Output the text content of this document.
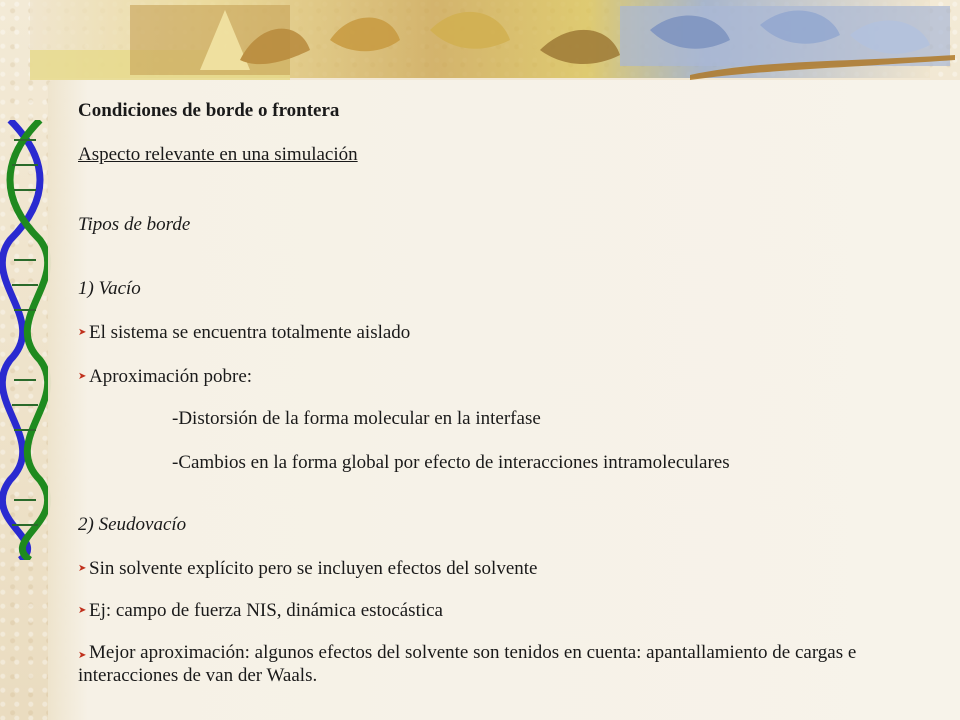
Condiciones de borde o frontera
Aspecto relevante en una simulación
Tipos de borde
1) Vacío
➤ El sistema se encuentra totalmente aislado
➤ Aproximación pobre:
-Distorsión de la forma molecular en la interfase
-Cambios en la forma global por efecto de interacciones intramoleculares
2) Seudovacío
➤ Sin solvente explícito pero se incluyen efectos del solvente
➤ Ej: campo de fuerza NIS, dinámica estocástica
➤ Mejor aproximación: algunos efectos del solvente son tenidos en cuenta: apantallamiento de cargas e interacciones de van der Waals.
